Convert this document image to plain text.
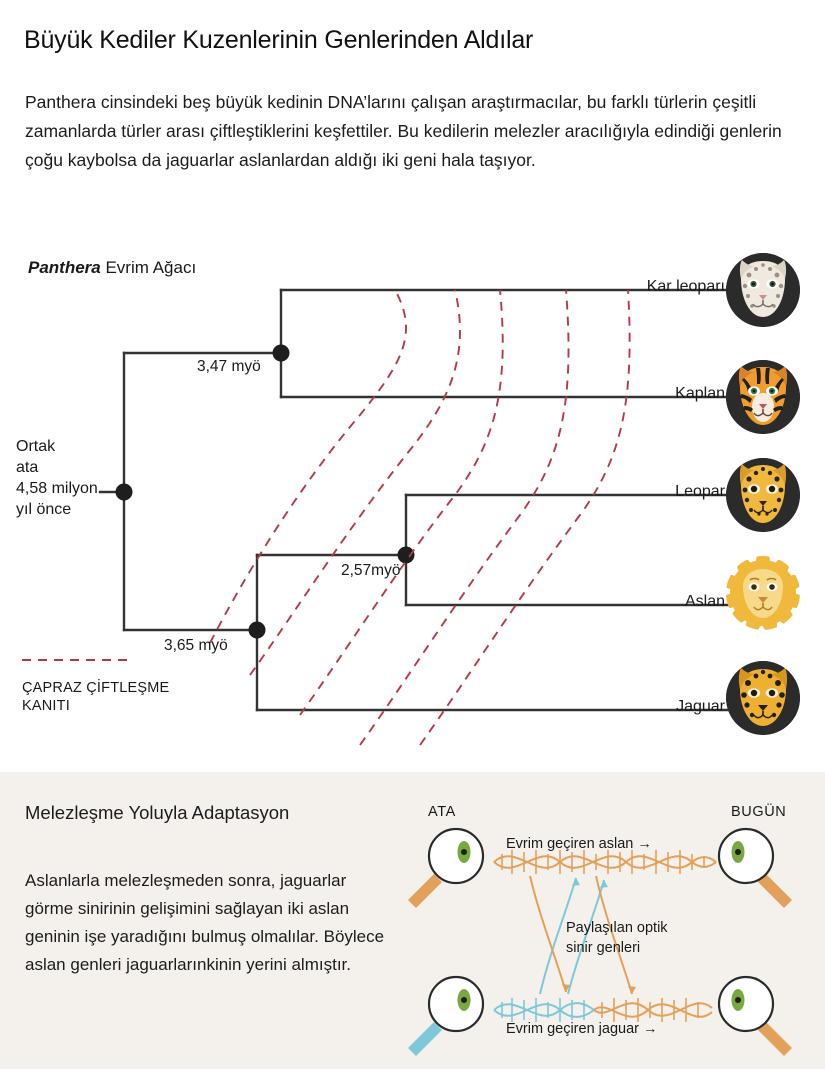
Büyük Kediler Kuzenlerinin Genlerinden Aldılar
Panthera cinsindeki beş büyük kedinin DNA’larını çalışan araştırmacılar, bu farklı türlerin çeşitli zamanlarda türler arası çiftleştiklerini keşfettiler. Bu kedilerin melezler aracılığıyla edindiği genlerin çoğu kaybolsa da jaguarlar aslanlardan aldığı iki geni hala taşıyor.
Panthera Evrim Ağacı
3,47 myö
3,65 myö
2,57myö
Ortak
ata
4,58 milyon
yıl önce
Kar leoparı
Kaplan
Leopar
Aslan
Jaguar
ÇAPRAZ ÇİFTLEŞME
KANITI
Melezleşme Yoluyla Adaptasyon
Aslanlarla melezleşmeden sonra, jaguarlar görme sinirinin gelişimini sağlayan iki aslan geninin işe yaradığını bulmuş olmalılar. Böylece aslan genleri jaguarlarınkinin yerini almıştır.
ATA	BUGÜN
Evrim geçiren aslan →
Evrim geçiren jaguar →
Paylaşılan optik
sinir genleri
